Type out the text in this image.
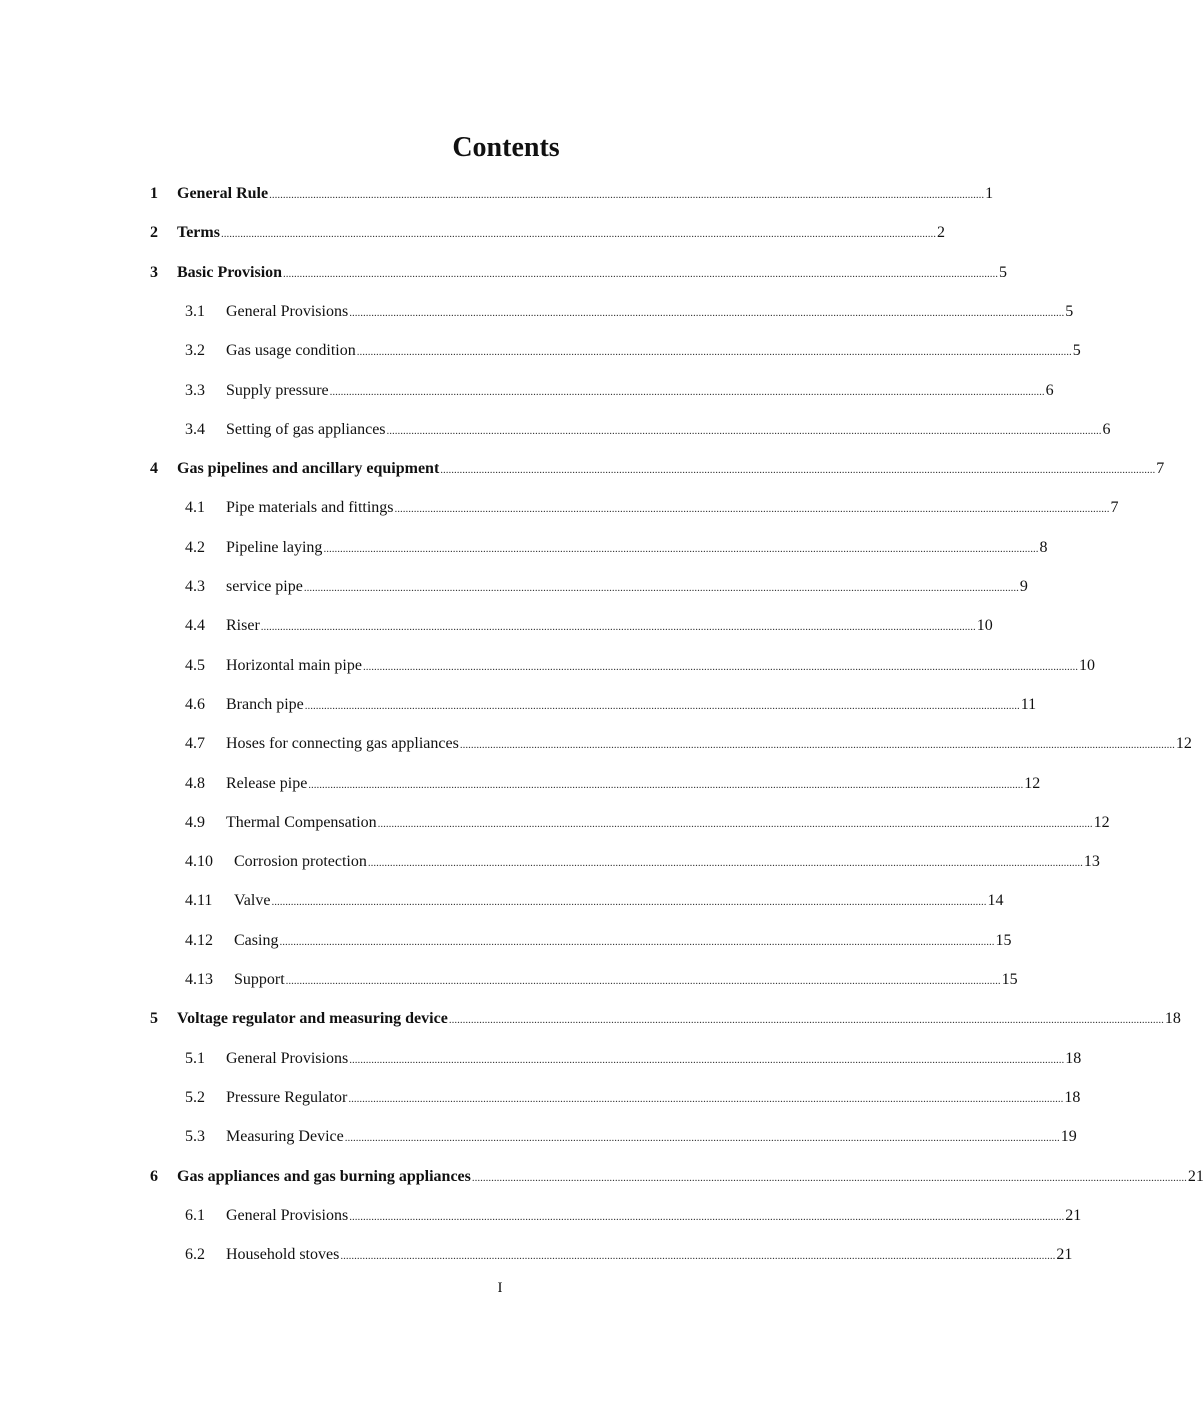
Contents
1 General Rule .................................................................................................................................................................................................................................................................... 1
2 Terms .................................................................................................................................................................................................................................................................... 2
3 Basic Provision .................................................................................................................................................................................................................................................................... 5
3.1 General Provisions .................................................................................................................................................................................................................................................................... 5
3.2 Gas usage condition .................................................................................................................................................................................................................................................................... 5
3.3 Supply pressure .................................................................................................................................................................................................................................................................... 6
3.4 Setting of gas appliances .................................................................................................................................................................................................................................................................... 6
4 Gas pipelines and ancillary equipment .................................................................................................................................................................................................................................................................... 7
4.1 Pipe materials and fittings .................................................................................................................................................................................................................................................................... 7
4.2 Pipeline laying .................................................................................................................................................................................................................................................................... 8
4.3 service pipe .................................................................................................................................................................................................................................................................... 9
4.4 Riser .................................................................................................................................................................................................................................................................... 10
4.5 Horizontal main pipe .................................................................................................................................................................................................................................................................... 10
4.6 Branch pipe .................................................................................................................................................................................................................................................................... 11
4.7 Hoses for connecting gas appliances .................................................................................................................................................................................................................................................................... 12
4.8 Release pipe .................................................................................................................................................................................................................................................................... 12
4.9 Thermal Compensation .................................................................................................................................................................................................................................................................... 12
4.10 Corrosion protection .................................................................................................................................................................................................................................................................... 13
4.11 Valve .................................................................................................................................................................................................................................................................... 14
4.12 Casing .................................................................................................................................................................................................................................................................... 15
4.13 Support .................................................................................................................................................................................................................................................................... 15
5 Voltage regulator and measuring device .................................................................................................................................................................................................................................................................... 18
5.1 General Provisions .................................................................................................................................................................................................................................................................... 18
5.2 Pressure Regulator .................................................................................................................................................................................................................................................................... 18
5.3 Measuring Device .................................................................................................................................................................................................................................................................... 19
6 Gas appliances and gas burning appliances .................................................................................................................................................................................................................................................................... 21
6.1 General Provisions .................................................................................................................................................................................................................................................................... 21
6.2 Household stoves .................................................................................................................................................................................................................................................................... 21
I
